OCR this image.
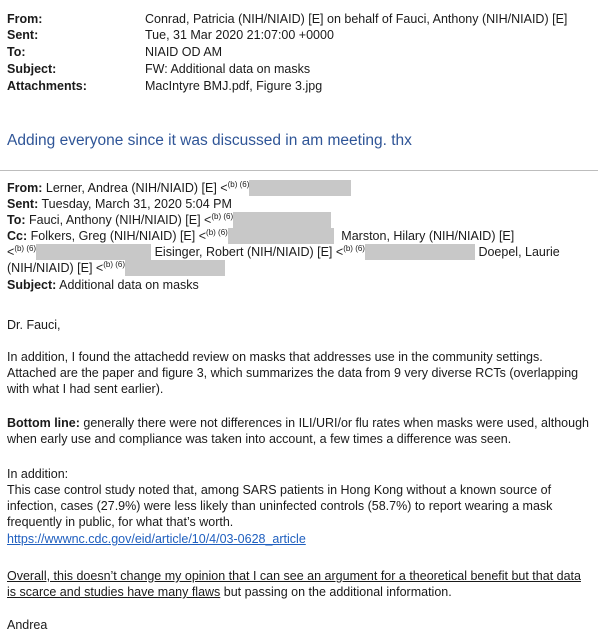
From:	Conrad, Patricia (NIH/NIAID) [E] on behalf of Fauci, Anthony (NIH/NIAID) [E]
Sent:	Tue, 31 Mar 2020 21:07:00 +0000
To:	NIAID OD AM
Subject:	FW: Additional data on masks
Attachments:	MacIntyre BMJ.pdf, Figure 3.jpg
Adding everyone since it was discussed in am meeting. thx
From: Lerner, Andrea (NIH/NIAID) [E] <$^{(b) (6)}$
Sent: Tuesday, March 31, 2020 5:04 PM
To: Fauci, Anthony (NIH/NIAID) [E] <$^{(b) (6)}$
Cc: Folkers, Greg (NIH/NIAID) [E] <$^{(b) (6)}$	Marston, Hilary (NIH/NIAID) [E]
<$^{(b) (6)}$	Eisinger, Robert (NIH/NIAID) [E] <$^{(b) (6)}$	Doepel, Laurie
(NIH/NIAID) [E] <$^{(b) (6)}$
Subject: Additional data on masks
Dr. Fauci,
In addition, I found the attachedd review on masks that addresses use in the community settings. Attached are the paper and figure 3, which summarizes the data from 9 very diverse RCTs (overlapping with what I had sent earlier).
Bottom line: generally there were not differences in ILI/URI/or flu rates when masks were used, although when early use and compliance was taken into account, a few times a difference was seen.
In addition:
This case control study noted that, among SARS patients in Hong Kong without a known source of infection, cases (27.9%) were less likely than uninfected controls (58.7%) to report wearing a mask frequently in public, for what that’s worth.
https://wwwnc.cdc.gov/eid/article/10/4/03-0628_article
Overall, this doesn’t change my opinion that I can see an argument for a theoretical benefit but that data is scarce and studies have many flaws but passing on the additional information.
Andrea
